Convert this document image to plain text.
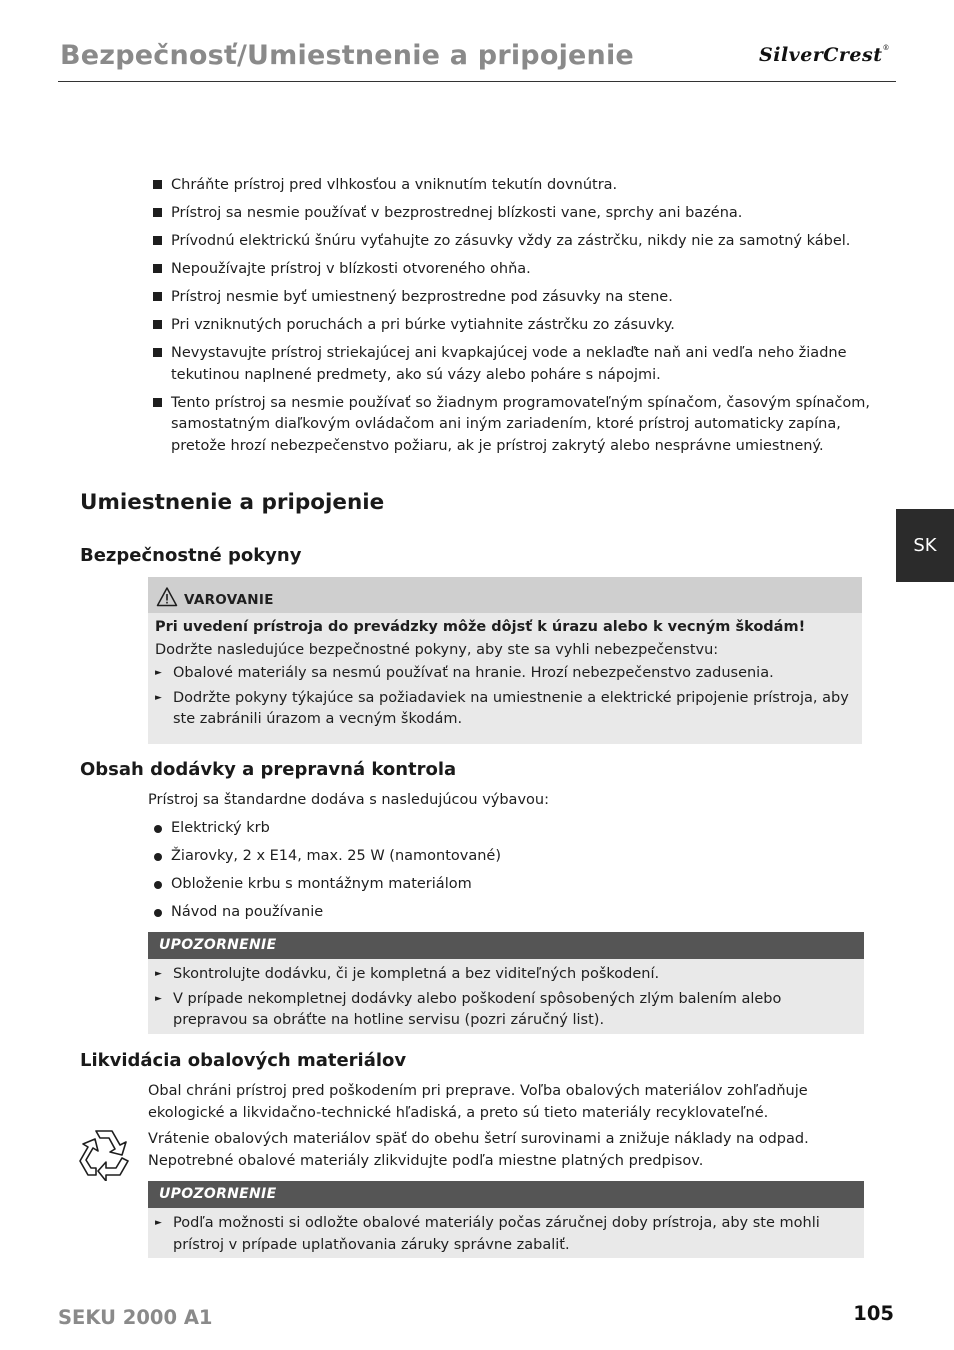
Bezpečnosť/Umiestnenie a pripojenie	SilverCrest®
SK
Chráňte prístroj pred vlhkosťou a vniknutím tekutín dovnútra.
Prístroj sa nesmie používať v bezprostrednej blízkosti vane, sprchy ani bazéna.
Prívodnú elektrickú šnúru vyťahujte zo zásuvky vždy za zástrčku, nikdy nie za samotný kábel.
Nepoužívajte prístroj v blízkosti otvoreného ohňa.
Prístroj nesmie byť umiestnený bezprostredne pod zásuvky na stene.
Pri vzniknutých poruchách a pri búrke vytiahnite zástrčku zo zásuvky.
Nevystavujte prístroj striekajúcej ani kvapkajúcej vode a neklaďte naň ani vedľa neho žiadne tekutinou naplnené predmety, ako sú vázy alebo poháre s nápojmi.
Tento prístroj sa nesmie používať so žiadnym programovateľným spínačom, časovým spínačom, samostatným diaľkovým ovládačom ani iným zariadením, ktoré prístroj automaticky zapína, pretože hrozí nebezpečenstvo požiaru, ak je prístroj zakrytý alebo nesprávne umiestnený.
Umiestnenie a pripojenie
Bezpečnostné pokyny
VAROVANIE
Pri uvedení prístroja do prevádzky môže dôjsť k úrazu alebo k vecným škodám!
Dodržte nasledujúce bezpečnostné pokyny, aby ste sa vyhli nebezpečenstvu:
► Obalové materiály sa nesmú používať na hranie. Hrozí nebezpečenstvo zadusenia.
► Dodržte pokyny týkajúce sa požiadaviek na umiestnenie a elektrické pripojenie prístroja, aby ste zabránili úrazom a vecným škodám.
Obsah dodávky a prepravná kontrola
Prístroj sa štandardne dodáva s nasledujúcou výbavou:
Elektrický krb
Žiarovky, 2 x E14, max. 25 W (namontované)
Obloženie krbu s montážnym materiálom
Návod na používanie
UPOZORNENIE
► Skontrolujte dodávku, či je kompletná a bez viditeľných poškodení.
► V prípade nekompletnej dodávky alebo poškodení spôsobených zlým balením alebo prepravou sa obráťte na hotline servisu (pozri záručný list).
Likvidácia obalových materiálov
Obal chráni prístroj pred poškodením pri preprave. Voľba obalových materiálov zohľadňuje ekologické a likvidačno-technické hľadiská, a preto sú tieto materiály recyklovateľné.
Vrátenie obalových materiálov späť do obehu šetrí surovinami a znižuje náklady na odpad. Nepotrebné obalové materiály zlikvidujte podľa miestne platných predpisov.
UPOZORNENIE
► Podľa možnosti si odložte obalové materiály počas záručnej doby prístroja, aby ste mohli prístroj v prípade uplatňovania záruky správne zabaliť.
SEKU 2000 A1	105
